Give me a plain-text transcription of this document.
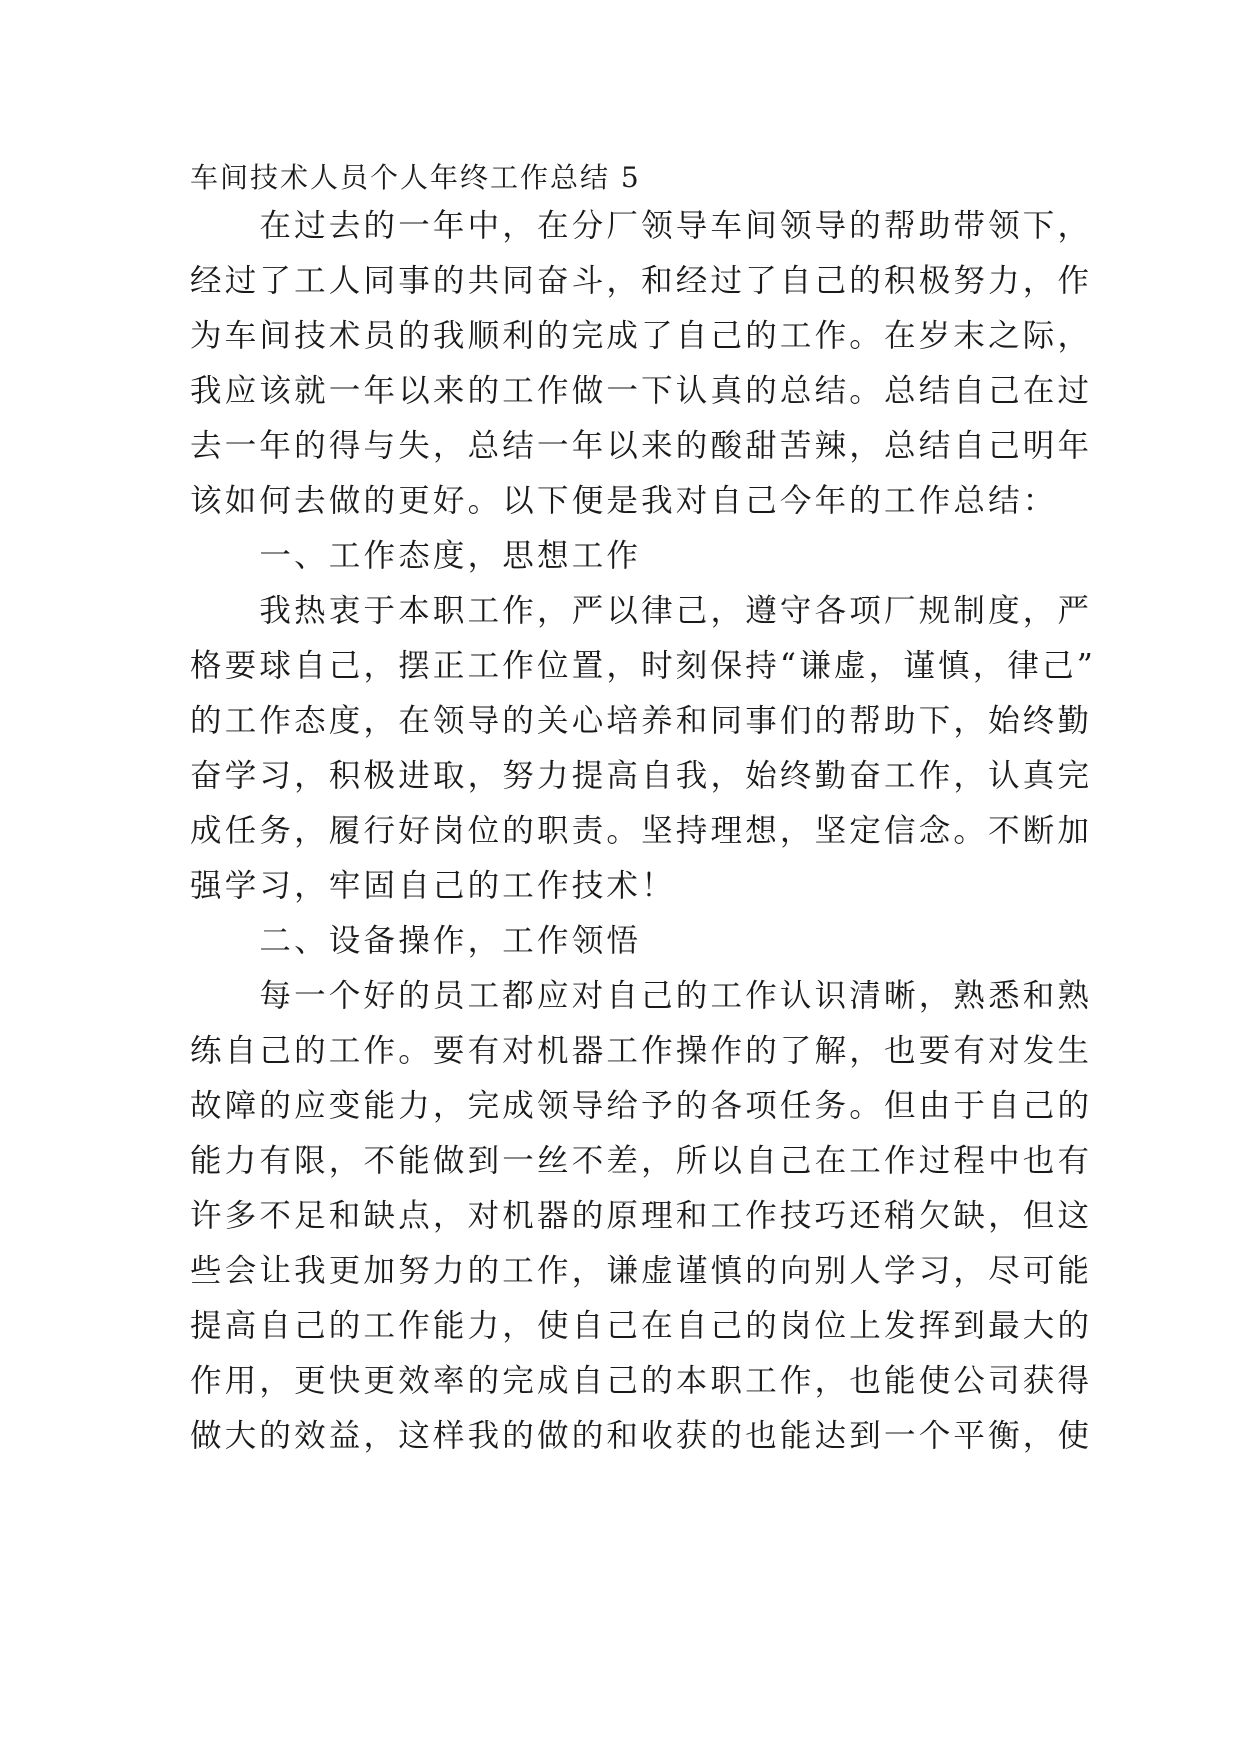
车间技术人员个人年终工作总结 5
　　在过去的一年中，在分厂领导车间领导的帮助带领下，
经过了工人同事的共同奋斗，和经过了自己的积极努力，作
为车间技术员的我顺利的完成了自己的工作。在岁末之际，
我应该就一年以来的工作做一下认真的总结。总结自己在过
去一年的得与失，总结一年以来的酸甜苦辣，总结自己明年
该如何去做的更好。以下便是我对自己今年的工作总结：
　　一、工作态度，思想工作
　　我热衷于本职工作，严以律己，遵守各项厂规制度，严
格要球自己，摆正工作位置，时刻保持“谦虚，谨慎，律己”
的工作态度，在领导的关心培养和同事们的帮助下，始终勤
奋学习，积极进取，努力提高自我，始终勤奋工作，认真完
成任务，履行好岗位的职责。坚持理想，坚定信念。不断加
强学习，牢固自己的工作技术！
　　二、设备操作，工作领悟
　　每一个好的员工都应对自己的工作认识清晰，熟悉和熟
练自己的工作。要有对机器工作操作的了解，也要有对发生
故障的应变能力，完成领导给予的各项任务。但由于自己的
能力有限，不能做到一丝不差，所以自己在工作过程中也有
许多不足和缺点，对机器的原理和工作技巧还稍欠缺，但这
些会让我更加努力的工作，谦虚谨慎的向别人学习，尽可能
提高自己的工作能力，使自己在自己的岗位上发挥到最大的
作用，更快更效率的完成自己的本职工作，也能使公司获得
做大的效益，这样我的做的和收获的也能达到一个平衡，使
